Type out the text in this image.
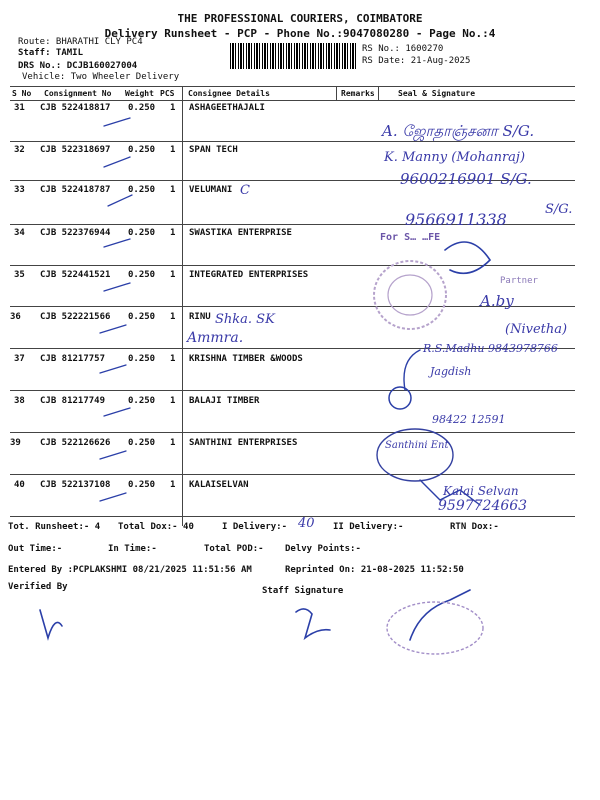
THE PROFESSIONAL COURIERS, COIMBATORE
Delivery Runsheet - PCP - Phone No.:9047080280 - Page No.:4
Route: BHARATHI CLY PC4
Staff: TAMIL
DRS No.: DCJB160027004
Vehicle: Two Wheeler Delivery
RS No.: 1600270
RS Date: 21-Aug-2025
S No Consignment No Weight PCS Consignee Details	Remarks	Seal & Signature
31 CJB 522418817 0.250 1 ASHAGEETHAJALI
32 CJB 522318697 0.250 1 SPAN TECH
33 CJB 522418787 0.250 1 VELUMANI
34 CJB 522376944 0.250 1 SWASTIKA ENTERPRISE
35 CJB 522441521 0.250 1 INTEGRATED ENTERPRISES
36 CJB 522221566 0.250 1 RINU
37 CJB 81217757	0.250 1 KRISHNA TIMBER &WOODS
38 CJB 81217749	0.250 1 BALAJI TIMBER
39 CJB 522126626 0.250 1 SANTHINI ENTERPRISES
40 CJB 522137108 0.250 1 KALAISELVAN
A. ஜோதாஞ்சனா S/G.
K. Manny (Mohanraj)
9600216901 S/G.
C
9566911338
S/G.
For S… …FE
Partner
Shka. SK
Ammra.
A.by
(Nivetha)
R.S.Madhu 9843978766
Jagdish
98422 12591
Santhini Ent
Kalai Selvan
9597724663
Tot. Runsheet:- 4 Total Dox:- 40	I Delivery:- 40 II Delivery:-	RTN Dox:-
Out Time:-	In Time:-	Total POD:- Delvy Points:-
Entered By :PCPLAKSHMI 08/21/2025 11:51:56 AM	Reprinted On: 21-08-2025 11:52:50
Verified By	Staff Signature
